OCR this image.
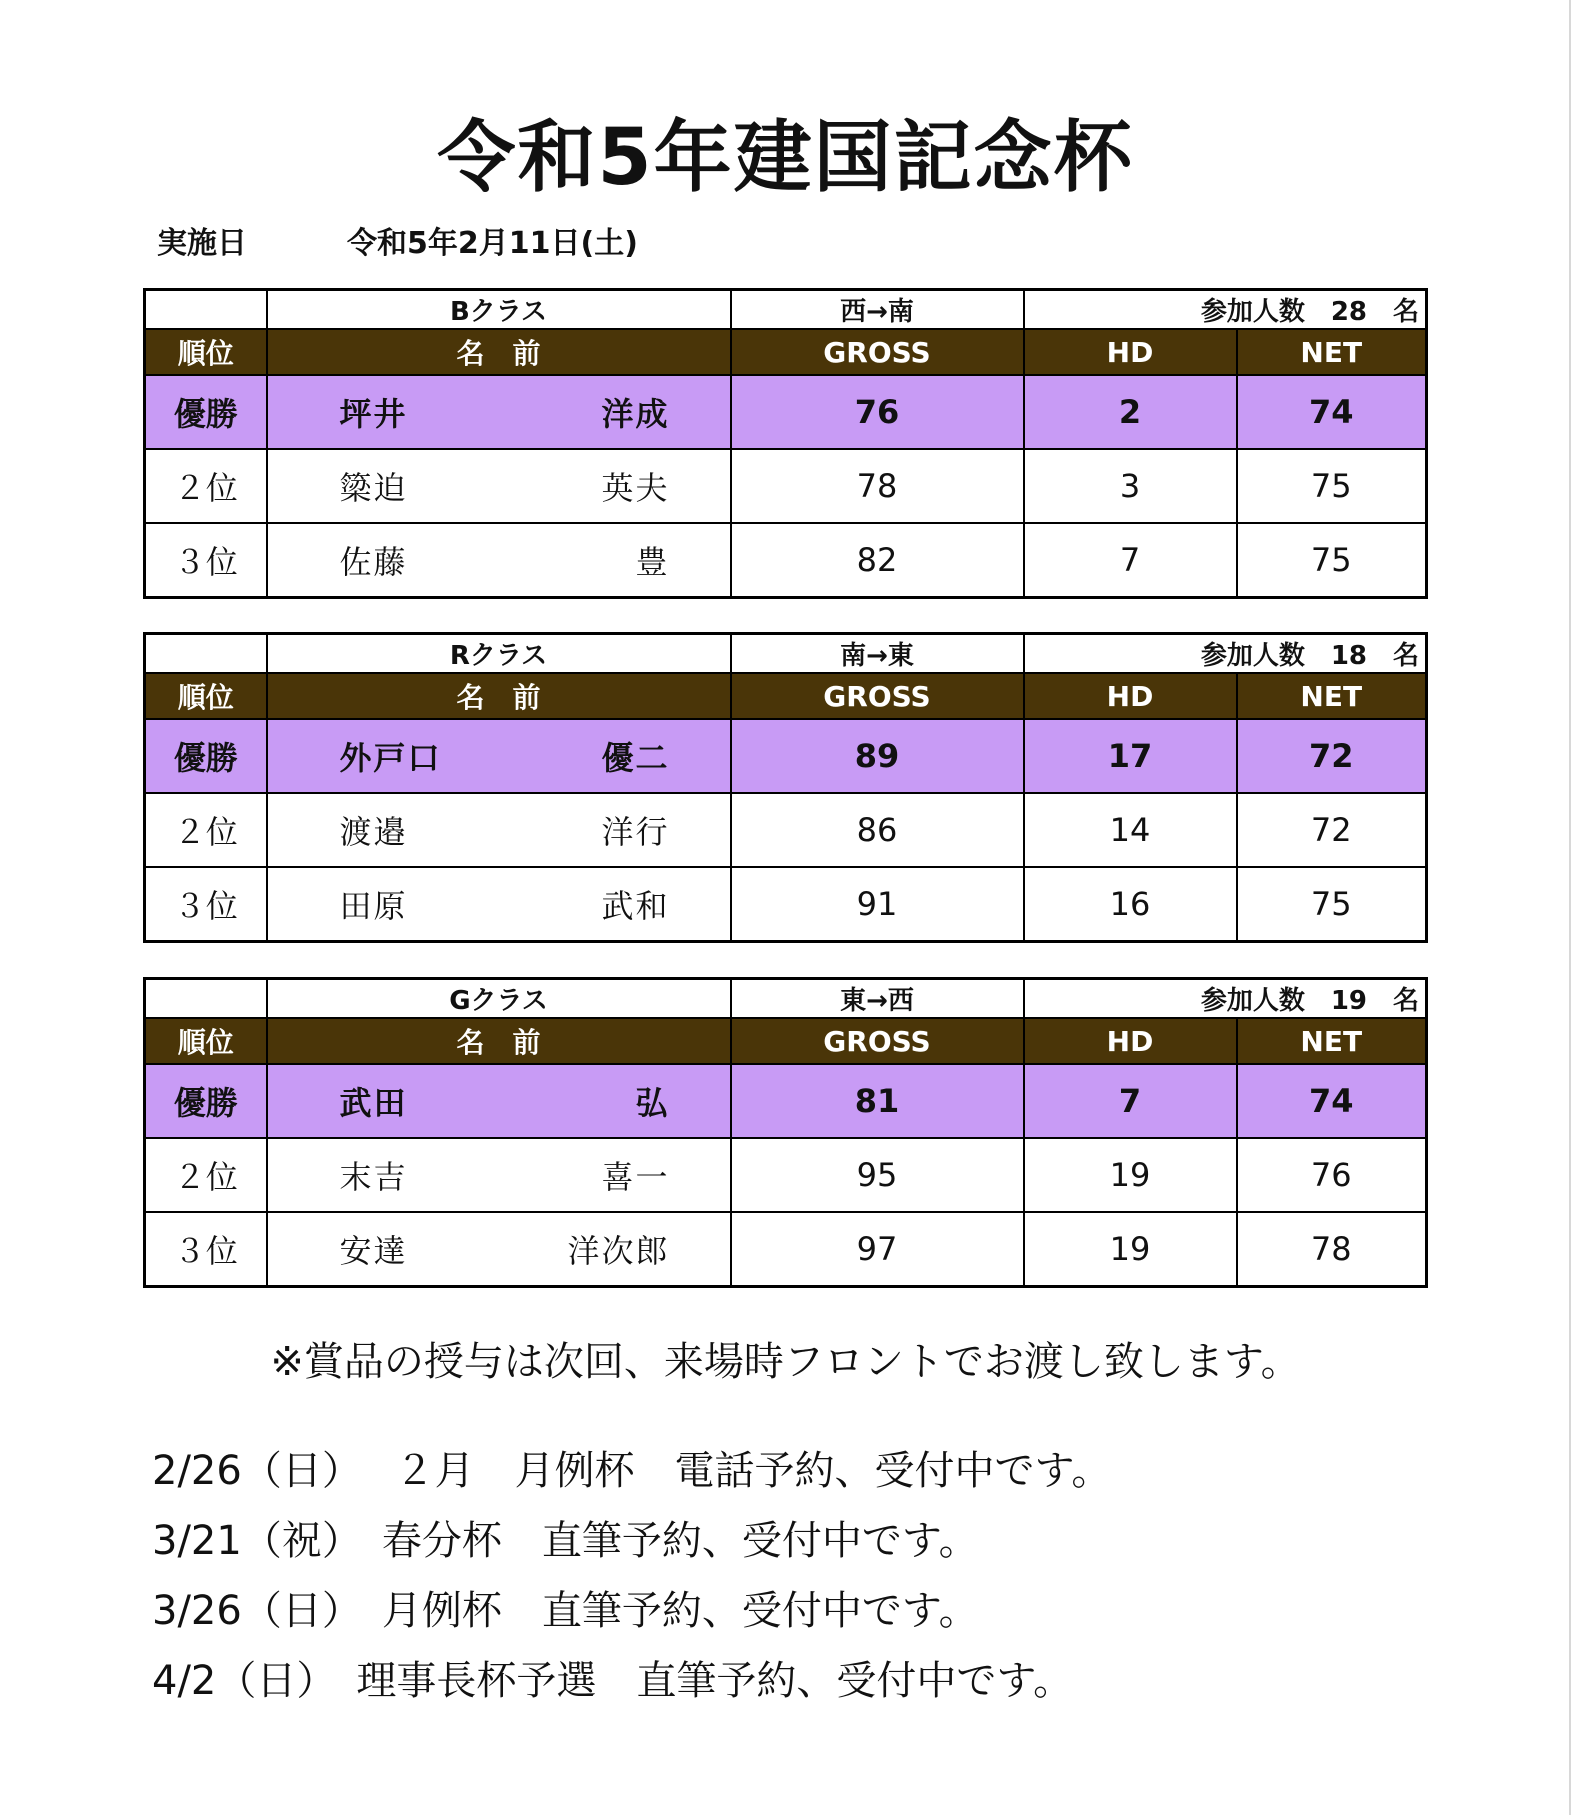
令和5年建国記念杯
実施日	令和5年2月11日(土)
	Bクラス	西→南	参加人数　28　名	
順位	名　前	GROSS	HD	NET
優勝	坪井 洋成	76	2	74
２位	簗迫 英夫	78	3	75
３位	佐藤 豊	82	7	75
	Rクラス	南→東	参加人数　18　名	
順位	名　前	GROSS	HD	NET
優勝	外戸口 優二	89	17	72
２位	渡邉 洋行	86	14	72
３位	田原 武和	91	16	75
	Gクラス	東→西	参加人数　19　名	
順位	名　前	GROSS	HD	NET
優勝	武田 弘	81	7	74
２位	末吉 喜一	95	19	76
３位	安達 洋次郎	97	19	78
※賞品の授与は次回、来場時フロントでお渡し致します。
2/26（日）　 ２月　月例杯　電話予約、受付中です。
3/21（祝）　春分杯　直筆予約、受付中です。
3/26（日）　月例杯　直筆予約、受付中です。
4/2（日）　理事長杯予選　直筆予約、受付中です。
